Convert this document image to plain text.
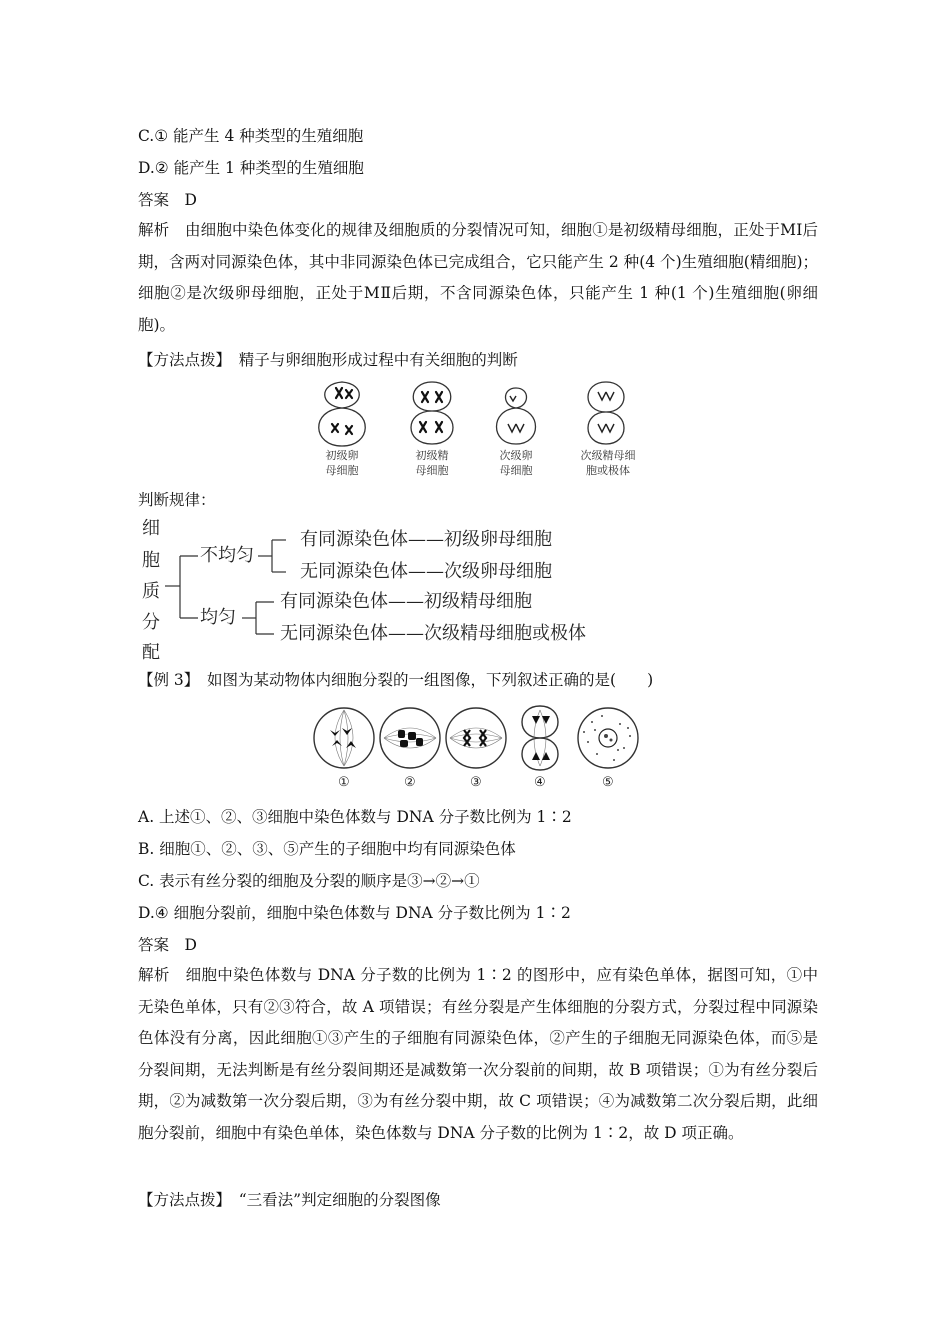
C.① 能产生 4 种类型的生殖细胞
D.② 能产生 1 种类型的生殖细胞
答案　D
解析　由细胞中染色体变化的规律及细胞质的分裂情况可知，细胞①是初级精母细胞，正处于MⅠ后期，含两对同源染色体，其中非同源染色体已完成组合，它只能产生 2 种(4 个)生殖细胞(精细胞)；细胞②是次级卵母细胞，正处于MⅡ后期，不含同源染色体，只能产生 1 种(1 个)生殖细胞(卵细胞)。
【方法点拨】　精子与卵细胞形成过程中有关细胞的判断
初级卵
母细胞
初级精
母细胞
次级卵
母细胞
次级精母细
胞或极体
判断规律：
细
胞
质
分
配
不均匀
均匀
有同源染色体——初级卵母细胞
无同源染色体——次级卵母细胞
有同源染色体——初级精母细胞
无同源染色体——次级精母细胞或极体
【例 3】　如图为某动物体内细胞分裂的一组图像，下列叙述正确的是(　　)
①	②	③	④	⑤
A. 上述①、②、③细胞中染色体数与 DNA 分子数比例为 1∶2
B. 细胞①、②、③、⑤产生的子细胞中均有同源染色体
C. 表示有丝分裂的细胞及分裂的顺序是③→②→①
D.④ 细胞分裂前，细胞中染色体数与 DNA 分子数比例为 1∶2
答案　D
解析　细胞中染色体数与 DNA 分子数的比例为 1∶2 的图形中，应有染色单体，据图可知，①中无染色单体，只有②③符合，故 A 项错误；有丝分裂是产生体细胞的分裂方式，分裂过程中同源染色体没有分离，因此细胞①③产生的子细胞有同源染色体，②产生的子细胞无同源染色体，而⑤是分裂间期，无法判断是有丝分裂间期还是减数第一次分裂前的间期，故 B 项错误；①为有丝分裂后期，②为减数第一次分裂后期，③为有丝分裂中期，故 C 项错误；④为减数第二次分裂后期，此细胞分裂前，细胞中有染色单体，染色体数与 DNA 分子数的比例为 1∶2，故 D 项正确。
【方法点拨】　“三看法”判定细胞的分裂图像
